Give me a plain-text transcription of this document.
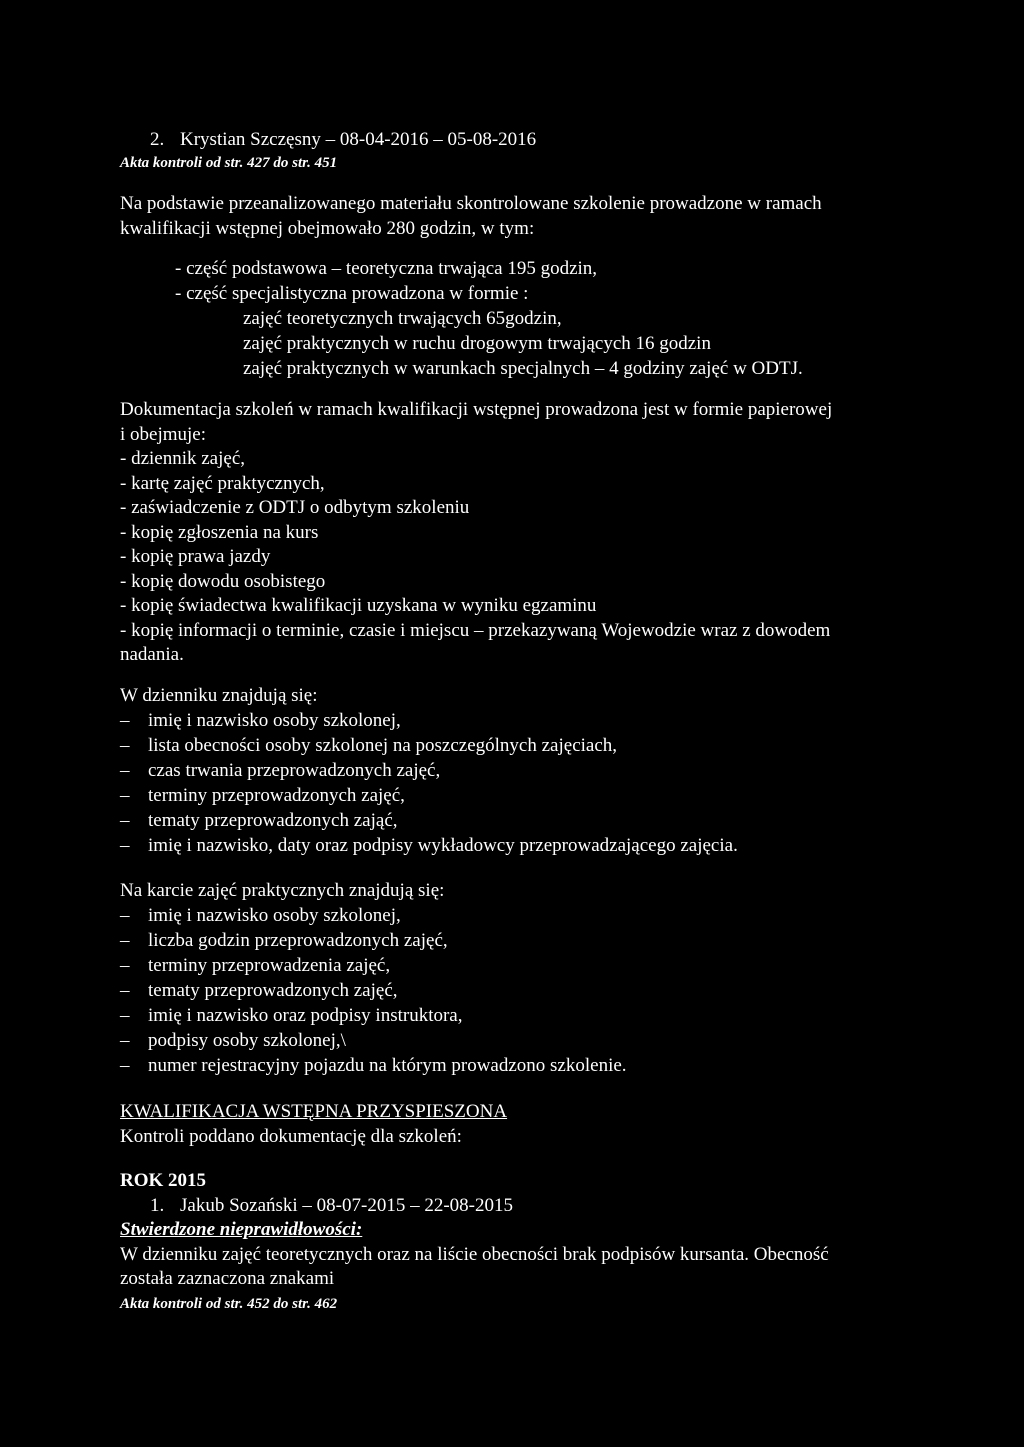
2. Krystian Szczęsny – 08-04-2016 – 05-08-2016
Akta kontroli od str. 427 do str. 451
Na podstawie przeanalizowanego materiału skontrolowane szkolenie prowadzone w ramach
kwalifikacji wstępnej obejmowało 280 godzin, w tym:
- część podstawowa – teoretyczna trwająca 195 godzin,
- część specjalistyczna prowadzona w formie :
zajęć teoretycznych trwających 65godzin,
zajęć praktycznych w ruchu drogowym trwających 16 godzin
zajęć praktycznych w warunkach specjalnych – 4 godziny zajęć w ODTJ.
Dokumentacja szkoleń w ramach kwalifikacji wstępnej prowadzona jest w formie papierowej
i obejmuje:
- dziennik zajęć,
- kartę zajęć praktycznych,
- zaświadczenie z ODTJ o odbytym szkoleniu
- kopię zgłoszenia na kurs
- kopię prawa jazdy
- kopię dowodu osobistego
- kopię świadectwa kwalifikacji uzyskana w wyniku egzaminu
- kopię informacji o terminie, czasie i miejscu – przekazywaną Wojewodzie wraz z dowodem
nadania.
W dzienniku znajdują się:
– imię i nazwisko osoby szkolonej,
– lista obecności osoby szkolonej na poszczególnych zajęciach,
– czas trwania przeprowadzonych zajęć,
– terminy przeprowadzonych zajęć,
– tematy przeprowadzonych zająć,
– imię i nazwisko, daty oraz podpisy wykładowcy przeprowadzającego zajęcia.
Na karcie zajęć praktycznych znajdują się:
– imię i nazwisko osoby szkolonej,
– liczba godzin przeprowadzonych zajęć,
– terminy przeprowadzenia zajęć,
– tematy przeprowadzonych zajęć,
– imię i nazwisko oraz podpisy instruktora,
– podpisy osoby szkolonej,\
– numer rejestracyjny pojazdu na którym prowadzono szkolenie.
KWALIFIKACJA WSTĘPNA PRZYSPIESZONA
Kontroli poddano dokumentację dla szkoleń:
ROK 2015
1. Jakub Sozański – 08-07-2015 – 22-08-2015
Stwierdzone nieprawidłowości:
W dzienniku zajęć teoretycznych oraz na liście obecności brak podpisów kursanta. Obecność
została zaznaczona znakami
Akta kontroli od str. 452 do str. 462
